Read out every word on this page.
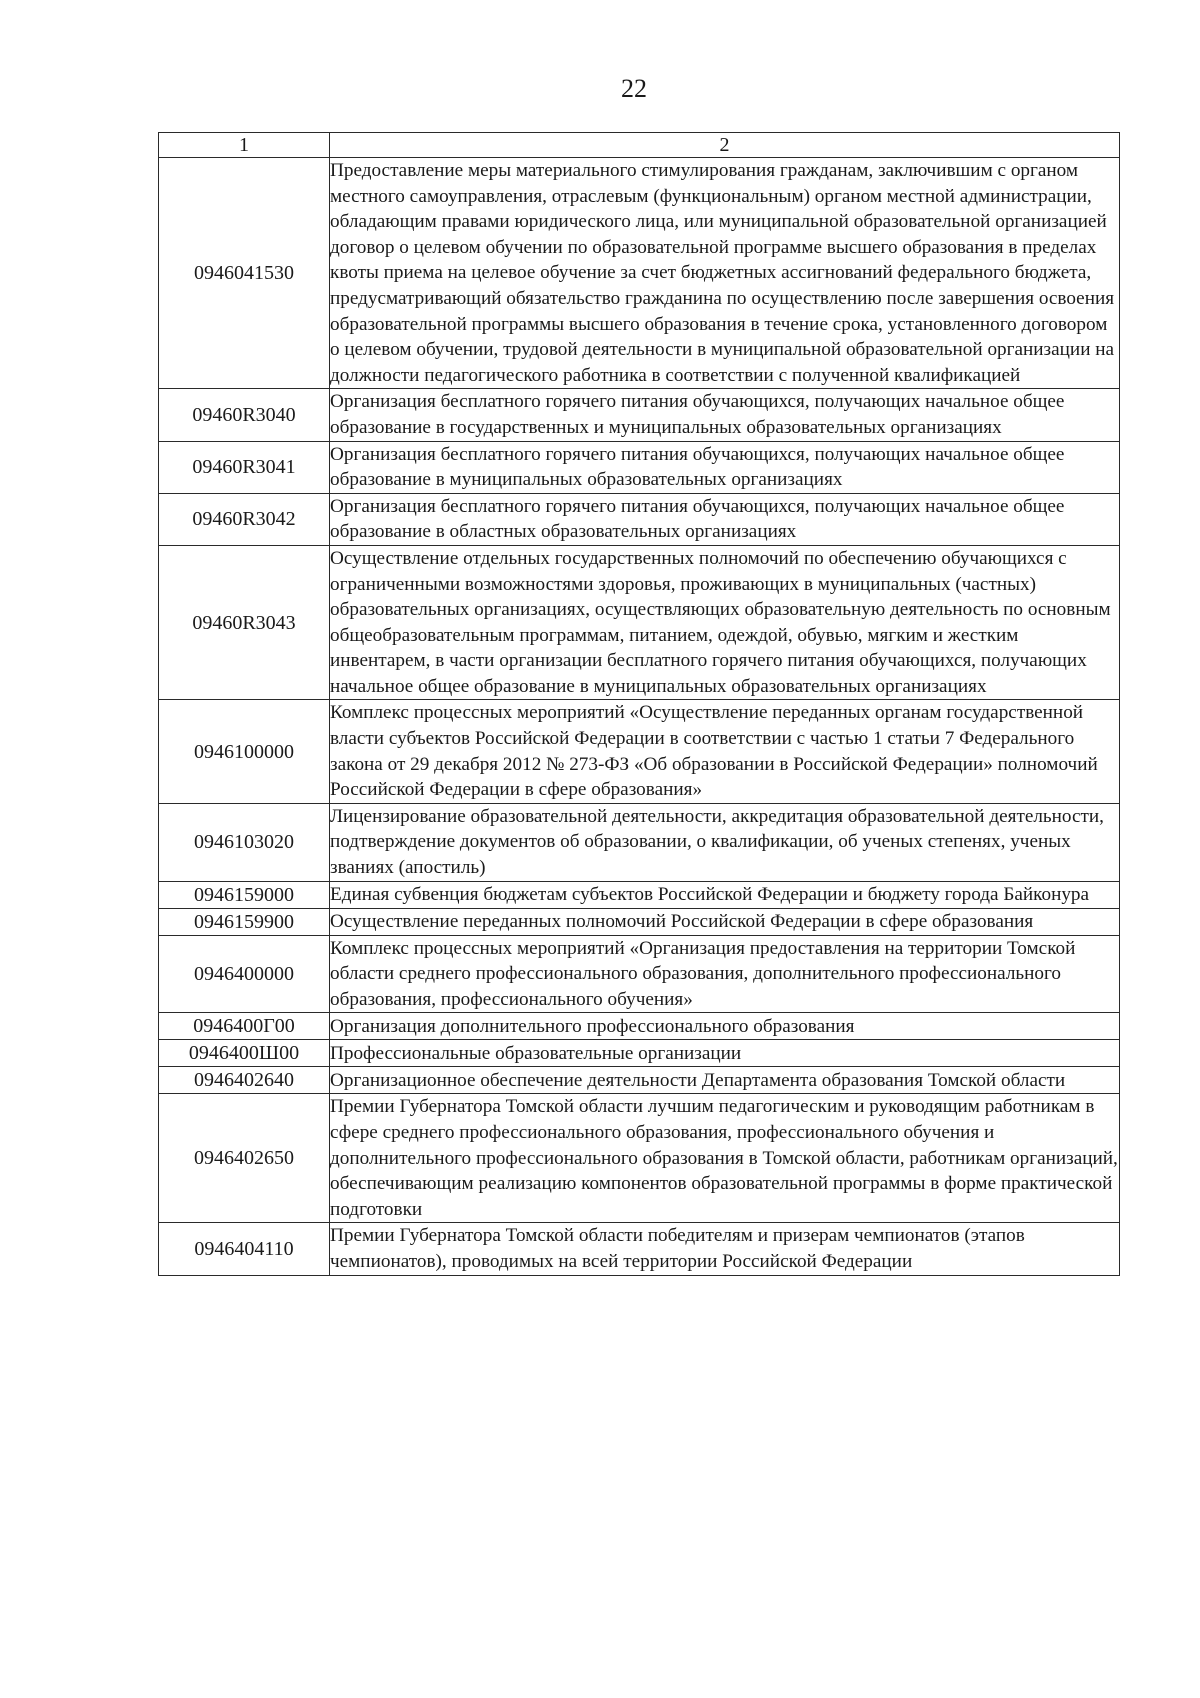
22
1	2
0946041530	Предоставление меры материального стимулирования гражданам, заключившим с органом местного самоуправления, отраслевым (функциональным) органом местной администрации, обладающим правами юридического лица, или муниципальной образовательной организацией договор о целевом обучении по образовательной программе высшего образования в пределах квоты приема на целевое обучение за счет бюджетных ассигнований федерального бюджета, предусматривающий обязательство гражданина по осуществлению после завершения освоения образовательной программы высшего образования в течение срока, установленного договором о целевом обучении, трудовой деятельности в муниципальной образовательной организации на должности педагогического работника в соответствии с полученной квалификацией
09460R3040	Организация бесплатного горячего питания обучающихся, получающих начальное общее образование в государственных и муниципальных образовательных организациях
09460R3041	Организация бесплатного горячего питания обучающихся, получающих начальное общее образование в муниципальных образовательных организациях
09460R3042	Организация бесплатного горячего питания обучающихся, получающих начальное общее образование в областных образовательных организациях
09460R3043	Осуществление отдельных государственных полномочий по обеспечению обучающихся с ограниченными возможностями здоровья, проживающих в муниципальных (частных) образовательных организациях, осуществляющих образовательную деятельность по основным общеобразовательным программам, питанием, одеждой, обувью, мягким и жестким инвентарем, в части организации бесплатного горячего питания обучающихся, получающих начальное общее образование в муниципальных образовательных организациях
0946100000	Комплекс процессных мероприятий «Осуществление переданных органам государственной власти субъектов Российской Федерации в соответствии с частью 1 статьи 7 Федерального закона от 29 декабря 2012 № 273-ФЗ «Об образовании в Российской Федерации» полномочий Российской Федерации в сфере образования»
0946103020	Лицензирование образовательной деятельности, аккредитация образовательной деятельности, подтверждение документов об образовании, о квалификации, об ученых степенях, ученых званиях (апостиль)
0946159000	Единая субвенция бюджетам субъектов Российской Федерации и бюджету города Байконура
0946159900	Осуществление переданных полномочий Российской Федерации в сфере образования
0946400000	Комплекс процессных мероприятий «Организация предоставления на территории Томской области среднего профессионального образования, дополнительного профессионального образования, профессионального обучения»
0946400Г00	Организация дополнительного профессионального образования
0946400Ш00	Профессиональные образовательные организации
0946402640	Организационное обеспечение деятельности Департамента образования Томской области
0946402650	Премии Губернатора Томской области лучшим педагогическим и руководящим работникам в сфере среднего профессионального образования, профессионального обучения и дополнительного профессионального образования в Томской области, работникам организаций, обеспечивающим реализацию компонентов образовательной программы в форме практической подготовки
0946404110	Премии Губернатора Томской области победителям и призерам чемпионатов (этапов чемпионатов), проводимых на всей территории Российской Федерации
